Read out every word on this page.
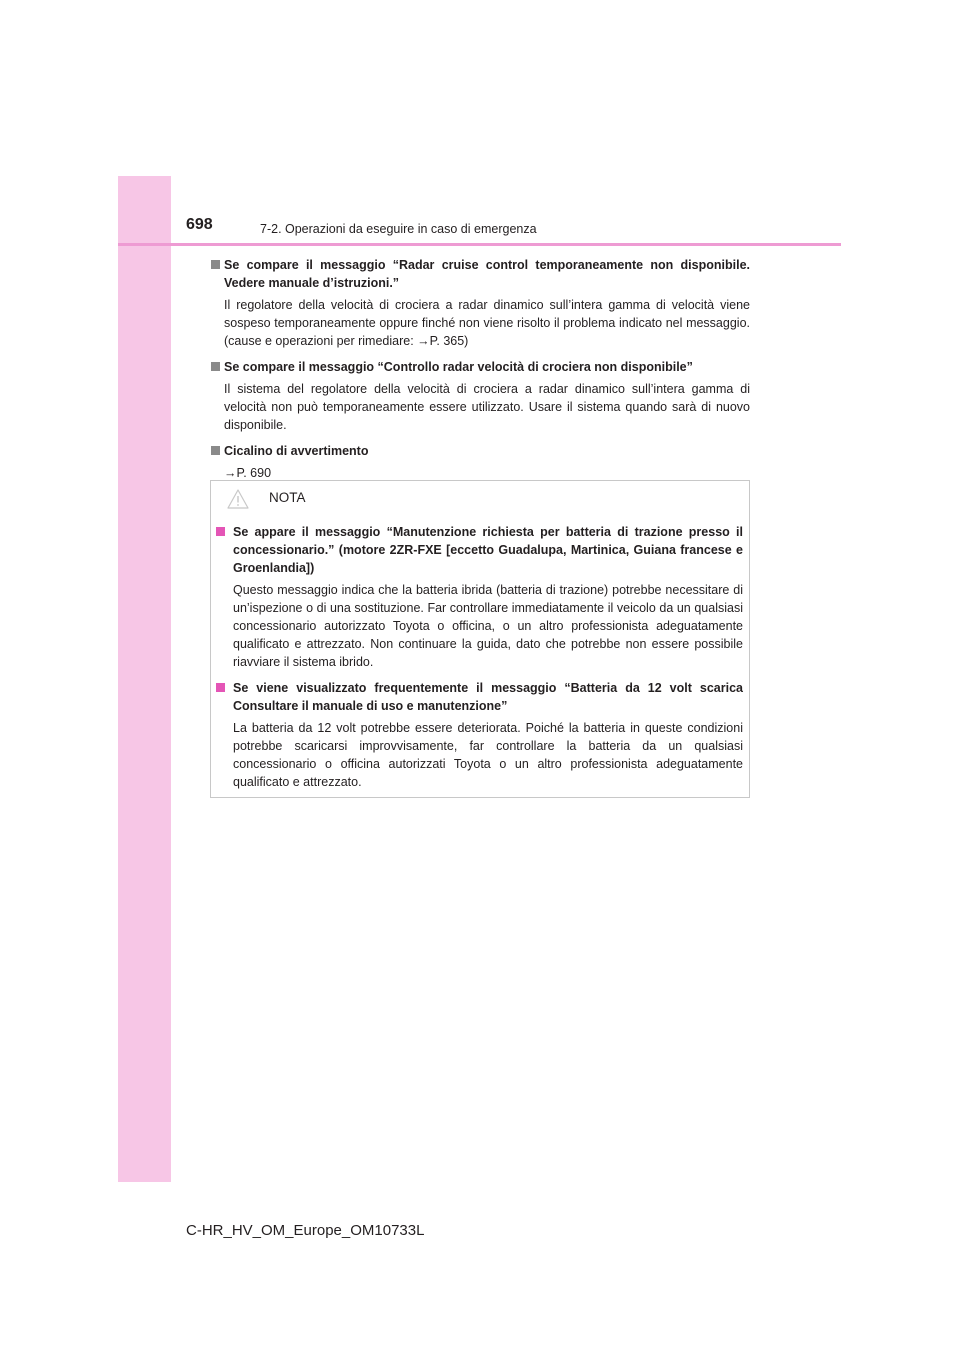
698	7-2. Operazioni da eseguire in caso di emergenza
Se compare il messaggio “Radar cruise control temporaneamente non disponibile. Vedere manuale d’istruzioni.”
Il regolatore della velocità di crociera a radar dinamico sull’intera gamma di velocità viene sospeso temporaneamente oppure finché non viene risolto il problema indicato nel messaggio. (cause e operazioni per rimediare: →P. 365)
Se compare il messaggio “Controllo radar velocità di crociera non disponibile”
Il sistema del regolatore della velocità di crociera a radar dinamico sull’intera gamma di velocità non può temporaneamente essere utilizzato. Usare il sistema quando sarà di nuovo disponibile.
Cicalino di avvertimento
→P. 690
NOTA
Se appare il messaggio “Manutenzione richiesta per batteria di trazione presso il concessionario.” (motore 2ZR-FXE [eccetto Guadalupa, Martinica, Guiana francese e Groenlandia])
Questo messaggio indica che la batteria ibrida (batteria di trazione) potrebbe necessitare di un’ispezione o di una sostituzione. Far controllare immediatamente il veicolo da un qualsiasi concessionario autorizzato Toyota o officina, o un altro professionista adeguatamente qualificato e attrezzato. Non continuare la guida, dato che potrebbe non essere possibile riavviare il sistema ibrido.
Se viene visualizzato frequentemente il messaggio “Batteria da 12 volt scarica Consultare il manuale di uso e manutenzione”
La batteria da 12 volt potrebbe essere deteriorata. Poiché la batteria in queste condizioni potrebbe scaricarsi improvvisamente, far controllare la batteria da un qualsiasi concessionario o officina autorizzati Toyota o un altro professionista adeguatamente qualificato e attrezzato.
C-HR_HV_OM_Europe_OM10733L
